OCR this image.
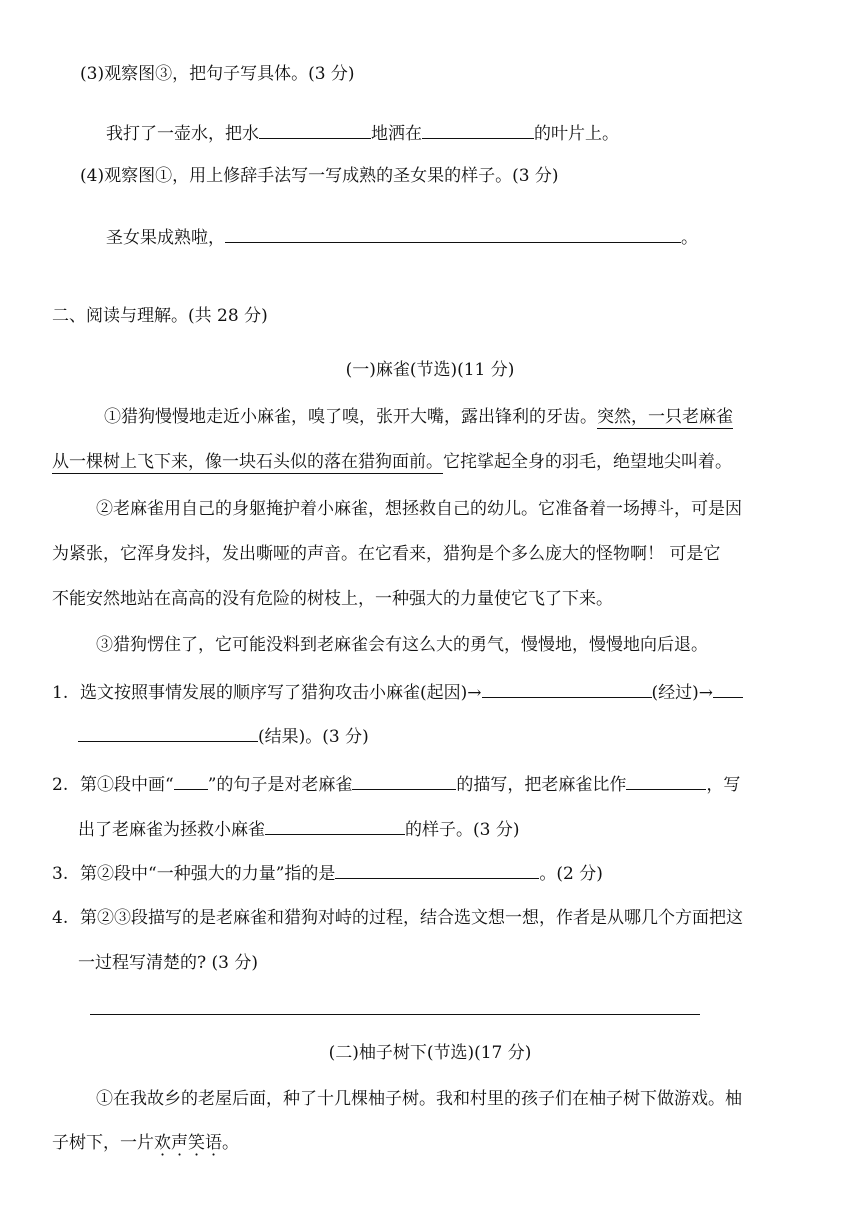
(3)观察图③，把句子写具体。(3 分)
我打了一壶水，把水	地洒在	的叶片上。
(4)观察图①，用上修辞手法写一写成熟的圣女果的样子。(3 分)
圣女果成熟啦，	。
二、阅读与理解。(共 28 分)
(一)麻雀(节选)(11 分)
①猎狗慢慢地走近小麻雀，嗅了嗅，张开大嘴，露出锋利的牙齿。突然，一只老麻雀
从一棵树上飞下来，像一块石头似的落在猎狗面前。它挓挲起全身的羽毛，绝望地尖叫着。
②老麻雀用自己的身躯掩护着小麻雀，想拯救自己的幼儿。它准备着一场搏斗，可是因
为紧张，它浑身发抖，发出嘶哑的声音。在它看来，猎狗是个多么庞大的怪物啊！ 可是它
不能安然地站在高高的没有危险的树枝上，一种强大的力量使它飞了下来。
③猎狗愣住了，它可能没料到老麻雀会有这么大的勇气，慢慢地，慢慢地向后退。
1. 选文按照事情发展的顺序写了猎狗攻击小麻雀(起因)→	(经过)→
(结果)。(3 分)
2. 第①段中画“ ”的句子是对老麻雀	的描写，把老麻雀比作	，写
出了老麻雀为拯救小麻雀	的样子。(3 分)
3. 第②段中“一种强大的力量”指的是	。(2 分)
4. 第②③段描写的是老麻雀和猎狗对峙的过程，结合选文想一想，作者是从哪几个方面把这
一过程写清楚的? (3 分)
(二)柚子树下(节选)(17 分)
①在我故乡的老屋后面，种了十几棵柚子树。我和村里的孩子们在柚子树下做游戏。柚
子树下，一片欢声笑语。
